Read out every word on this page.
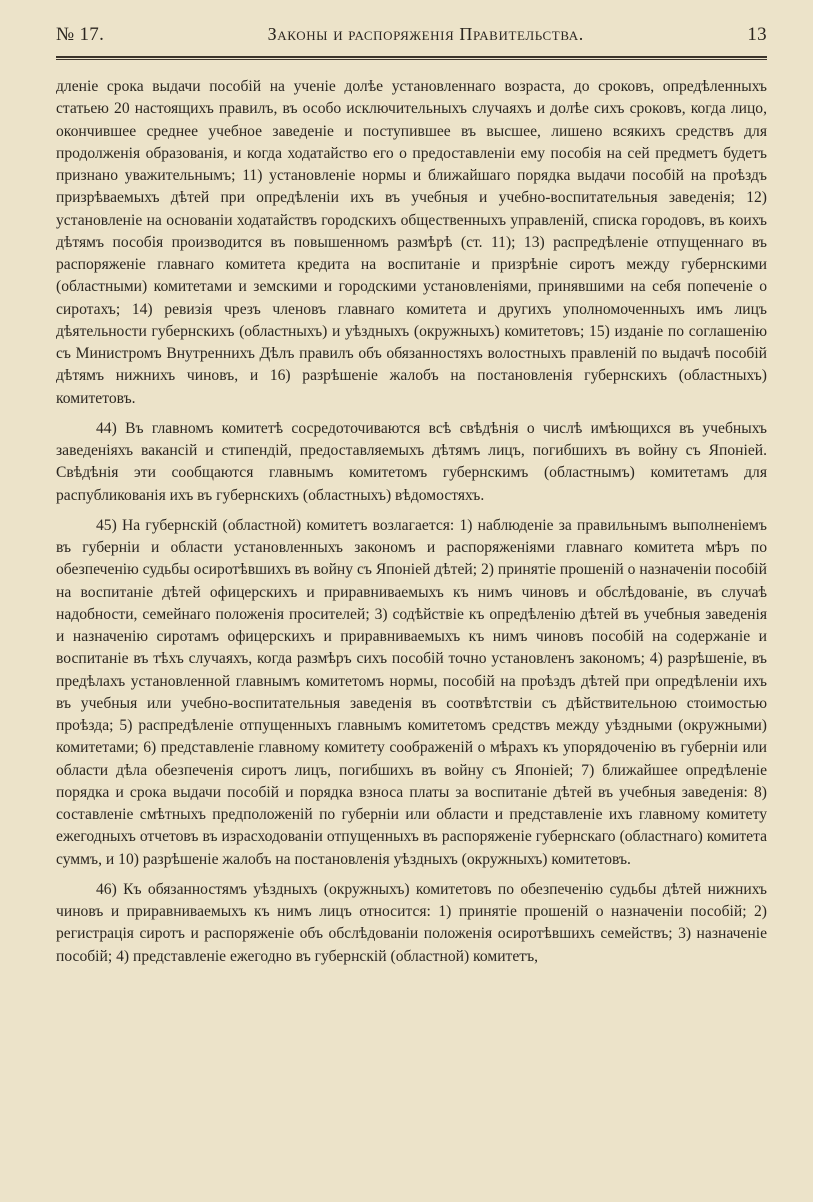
№ 17.	Законы и распоряженія Правительства.	13

дленіе срока выдачи пособій на ученіе долѣе установленнаго возраста, до сроковъ, опредѣленныхъ статьею 20 настоящихъ правилъ, въ особо исключительныхъ случаяхъ и долѣе сихъ сроковъ, когда лицо, окончившее среднее учебное заведеніе и поступившее въ высшее, лишено всякихъ средствъ для продолженія образованія, и когда ходатайство его о предоставленіи ему пособія на сей предметъ будетъ признано уважительнымъ; 11) установленіе нормы и ближайшаго порядка выдачи пособій на проѣздъ призрѣваемыхъ дѣтей при опредѣленіи ихъ въ учебныя и учебно-воспитательныя заведенія; 12) установленіе на основаніи ходатайствъ городскихъ общественныхъ управленій, списка городовъ, въ коихъ дѣтямъ пособія производится въ повышенномъ размѣрѣ (ст. 11); 13) распредѣленіе отпущеннаго въ распоряженіе главнаго комитета кредита на воспитаніе и призрѣніе сиротъ между губернскими (областными) комитетами и земскими и городскими установленіями, принявшими на себя попеченіе о сиротахъ; 14) ревизія чрезъ членовъ главнаго комитета и другихъ уполномоченныхъ имъ лицъ дѣятельности губернскихъ (областныхъ) и уѣздныхъ (окружныхъ) комитетовъ; 15) изданіе по соглашенію съ Министромъ Внутреннихъ Дѣлъ правилъ объ обязанностяхъ волостныхъ правленій по выдачѣ пособій дѣтямъ нижнихъ чиновъ, и 16) разрѣшеніе жалобъ на постановленія губернскихъ (областныхъ) комитетовъ.

44) Въ главномъ комитетѣ сосредоточиваются всѣ свѣдѣнія о числѣ имѣющихся въ учебныхъ заведеніяхъ вакансій и стипендій, предоставляемыхъ дѣтямъ лицъ, погибшихъ въ войну съ Японіей. Свѣдѣнія эти сообщаются главнымъ комитетомъ губернскимъ (областнымъ) комитетамъ для распубликованія ихъ въ губернскихъ (областныхъ) вѣдомостяхъ.

45) На губернскій (областной) комитетъ возлагается: 1) наблюденіе за правильнымъ выполненіемъ въ губерніи и области установленныхъ закономъ и распоряженіями главнаго комитета мѣръ по обезпеченію судьбы осиротѣвшихъ въ войну съ Японіей дѣтей; 2) принятіе прошеній о назначеніи пособій на воспитаніе дѣтей офицерскихъ и приравниваемыхъ къ нимъ чиновъ и обслѣдованіе, въ случаѣ надобности, семейнаго положенія просителей; 3) содѣйствіе къ опредѣленію дѣтей въ учебныя заведенія и назначенію сиротамъ офицерскихъ и приравниваемыхъ къ нимъ чиновъ пособій на содержаніе и воспитаніе въ тѣхъ случаяхъ, когда размѣръ сихъ пособій точно установленъ закономъ; 4) разрѣшеніе, въ предѣлахъ установленной главнымъ комитетомъ нормы, пособій на проѣздъ дѣтей при опредѣленіи ихъ въ учебныя или учебно-воспитательныя заведенія въ соотвѣтствіи съ дѣйствительною стоимостью проѣзда; 5) распредѣленіе отпущенныхъ главнымъ комитетомъ средствъ между уѣздными (окружными) комитетами; 6) представленіе главному комитету соображеній о мѣрахъ къ упорядоченію въ губерніи или области дѣла обезпеченія сиротъ лицъ, погибшихъ въ войну съ Японіей; 7) ближайшее опредѣленіе порядка и срока выдачи пособій и порядка взноса платы за воспитаніе дѣтей въ учебныя заведенія: 8) составленіе смѣтныхъ предположеній по губерніи или области и представленіе ихъ главному комитету ежегодныхъ отчетовъ въ израсходованіи отпущенныхъ въ распоряженіе губернскаго (областнаго) комитета суммъ, и 10) разрѣшеніе жалобъ на постановленія уѣздныхъ (окружныхъ) комитетовъ.

46) Къ обязанностямъ уѣздныхъ (окружныхъ) комитетовъ по обезпеченію судьбы дѣтей нижнихъ чиновъ и приравниваемыхъ къ нимъ лицъ относится: 1) принятіе прошеній о назначеніи пособій; 2) регистрація сиротъ и распоряженіе объ обслѣдованіи положенія осиротѣвшихъ семействъ; 3) назначеніе пособій; 4) представленіе ежегодно въ губернскій (областной) комитетъ,
